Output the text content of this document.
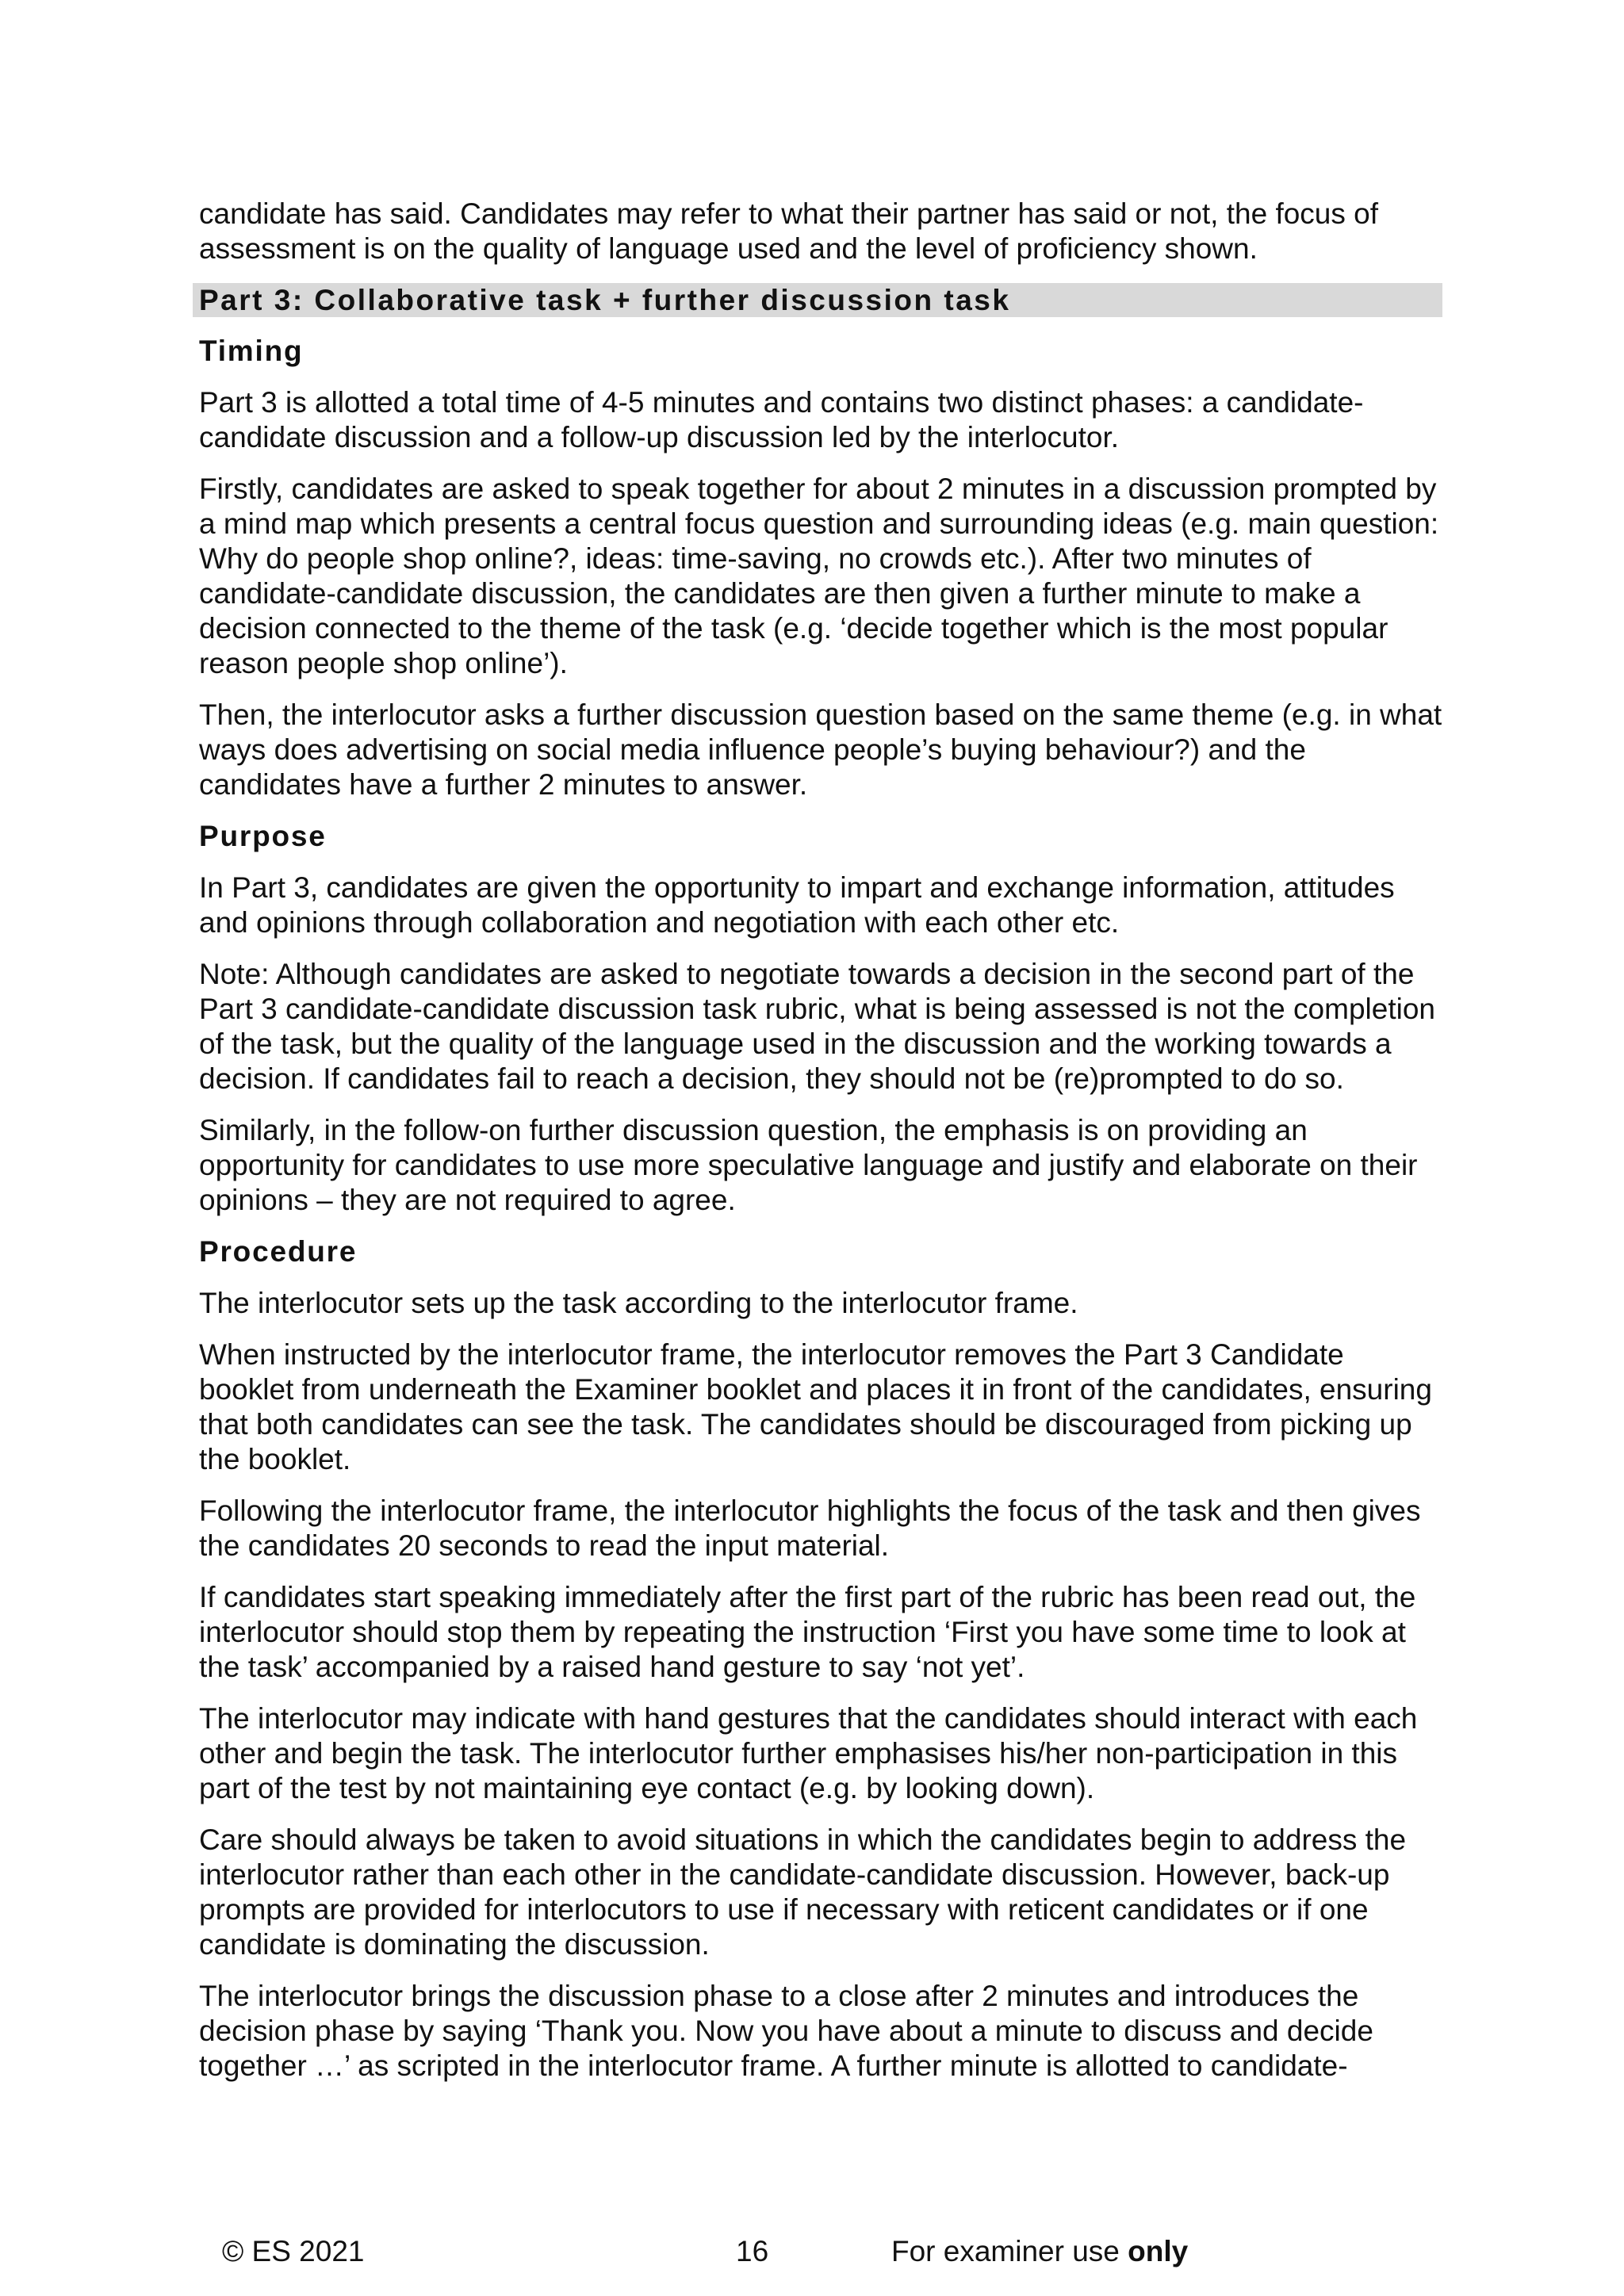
candidate has said. Candidates may refer to what their partner has said or not, the focus of assessment is on the quality of language used and the level of proficiency shown.

Part 3: Collaborative task + further discussion task
Timing

Part 3 is allotted a total time of 4-5 minutes and contains two distinct phases: a candidate-candidate discussion and a follow-up discussion led by the interlocutor.

Firstly, candidates are asked to speak together for about 2 minutes in a discussion prompted by a mind map which presents a central focus question and surrounding ideas (e.g. main question: Why do people shop online?, ideas: time-saving, no crowds etc.). After two minutes of candidate-candidate discussion, the candidates are then given a further minute to make a decision connected to the theme of the task (e.g. ‘decide together which is the most popular reason people shop online’).

Then, the interlocutor asks a further discussion question based on the same theme (e.g. in what ways does advertising on social media influence people’s buying behaviour?) and the candidates have a further 2 minutes to answer.

Purpose

In Part 3, candidates are given the opportunity to impart and exchange information, attitudes and opinions through collaboration and negotiation with each other etc.

Note: Although candidates are asked to negotiate towards a decision in the second part of the Part 3 candidate-candidate discussion task rubric, what is being assessed is not the completion of the task, but the quality of the language used in the discussion and the working towards a decision. If candidates fail to reach a decision, they should not be (re)prompted to do so.

Similarly, in the follow-on further discussion question, the emphasis is on providing an opportunity for candidates to use more speculative language and justify and elaborate on their opinions – they are not required to agree.

Procedure

The interlocutor sets up the task according to the interlocutor frame.

When instructed by the interlocutor frame, the interlocutor removes the Part 3 Candidate booklet from underneath the Examiner booklet and places it in front of the candidates, ensuring that both candidates can see the task. The candidates should be discouraged from picking up the booklet.

Following the interlocutor frame, the interlocutor highlights the focus of the task and then gives the candidates 20 seconds to read the input material.

If candidates start speaking immediately after the first part of the rubric has been read out, the interlocutor should stop them by repeating the instruction ‘First you have some time to look at the task’ accompanied by a raised hand gesture to say ‘not yet’.

The interlocutor may indicate with hand gestures that the candidates should interact with each other and begin the task. The interlocutor further emphasises his/her non-participation in this part of the test by not maintaining eye contact (e.g. by looking down).

Care should always be taken to avoid situations in which the candidates begin to address the interlocutor rather than each other in the candidate-candidate discussion. However, back-up prompts are provided for interlocutors to use if necessary with reticent candidates or if one candidate is dominating the discussion.

The interlocutor brings the discussion phase to a close after 2 minutes and introduces the decision phase by saying ‘Thank you. Now you have about a minute to discuss and decide together …’ as scripted in the interlocutor frame. A further minute is allotted to candidate-

© ES 2021	16	For examiner use only
